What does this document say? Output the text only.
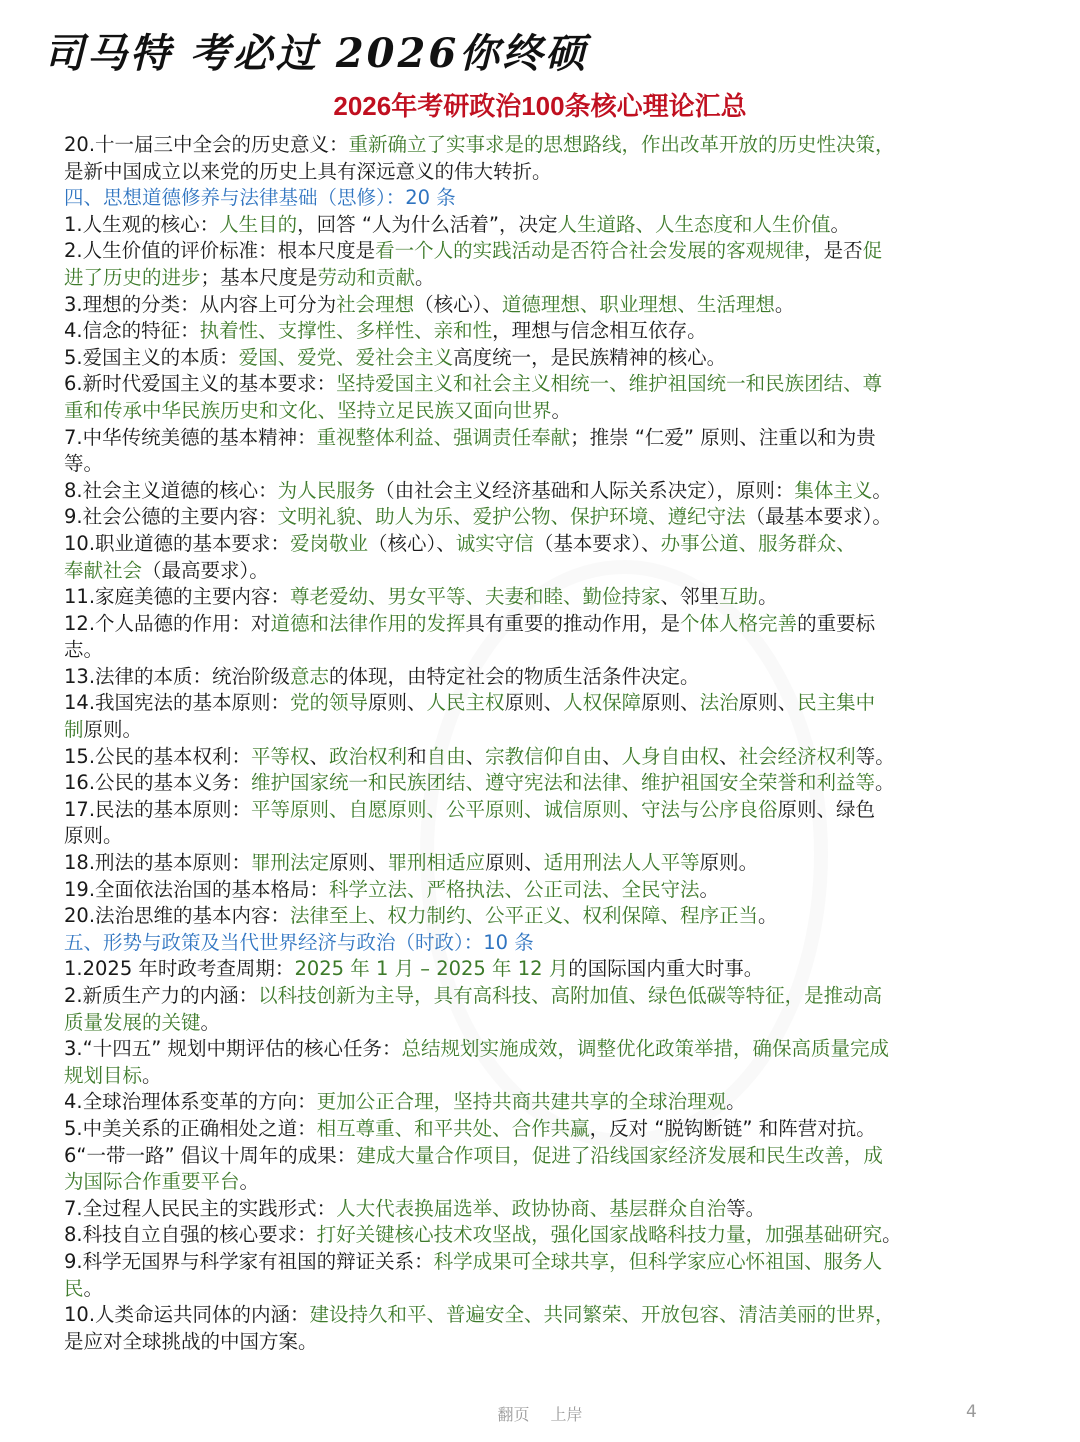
司马特 考必过 2026你终硕
2026年考研政治100条核心理论汇总
20.十一届三中全会的历史意义：重新确立了实事求是的思想路线，作出改革开放的历史性决策，
是新中国成立以来党的历史上具有深远意义的伟大转折。
四、思想道德修养与法律基础（思修）：20 条
1.人生观的核心：人生目的，回答 “人为什么活着”，决定人生道路、人生态度和人生价值。
2.人生价值的评价标准：根本尺度是看一个人的实践活动是否符合社会发展的客观规律，是否促
进了历史的进步；基本尺度是劳动和贡献。
3.理想的分类：从内容上可分为社会理想（核心）、道德理想、职业理想、生活理想。
4.信念的特征：执着性、支撑性、多样性、亲和性，理想与信念相互依存。
5.爱国主义的本质：爱国、爱党、爱社会主义高度统一，是民族精神的核心。
6.新时代爱国主义的基本要求：坚持爱国主义和社会主义相统一、维护祖国统一和民族团结、尊
重和传承中华民族历史和文化、坚持立足民族又面向世界。
7.中华传统美德的基本精神：重视整体利益、强调责任奉献；推崇 “仁爱” 原则、注重以和为贵
等。
8.社会主义道德的核心：为人民服务（由社会主义经济基础和人际关系决定），原则：集体主义。
9.社会公德的主要内容：文明礼貌、助人为乐、爱护公物、保护环境、遵纪守法（最基本要求）。
10.职业道德的基本要求：爱岗敬业（核心）、诚实守信（基本要求）、办事公道、服务群众、
奉献社会（最高要求）。
11.家庭美德的主要内容：尊老爱幼、男女平等、夫妻和睦、勤俭持家、邻里互助。
12.个人品德的作用：对道德和法律作用的发挥具有重要的推动作用，是个体人格完善的重要标
志。
13.法律的本质：统治阶级意志的体现，由特定社会的物质生活条件决定。
14.我国宪法的基本原则：党的领导原则、人民主权原则、人权保障原则、法治原则、民主集中
制原则。
15.公民的基本权利：平等权、政治权利和自由、宗教信仰自由、人身自由权、社会经济权利等。
16.公民的基本义务：维护国家统一和民族团结、遵守宪法和法律、维护祖国安全荣誉和利益等。
17.民法的基本原则：平等原则、自愿原则、公平原则、诚信原则、守法与公序良俗原则、绿色
原则。
18.刑法的基本原则：罪刑法定原则、罪刑相适应原则、适用刑法人人平等原则。
19.全面依法治国的基本格局：科学立法、严格执法、公正司法、全民守法。
20.法治思维的基本内容：法律至上、权力制约、公平正义、权利保障、程序正当。
五、形势与政策及当代世界经济与政治（时政）：10 条
1.2025 年时政考查周期：2025 年 1 月 – 2025 年 12 月的国际国内重大时事。
2.新质生产力的内涵：以科技创新为主导，具有高科技、高附加值、绿色低碳等特征，是推动高
质量发展的关键。
3.“十四五” 规划中期评估的核心任务：总结规划实施成效，调整优化政策举措，确保高质量完成
规划目标。
4.全球治理体系变革的方向：更加公正合理，坚持共商共建共享的全球治理观。
5.中美关系的正确相处之道：相互尊重、和平共处、合作共赢，反对 “脱钩断链” 和阵营对抗。
6“一带一路” 倡议十周年的成果：建成大量合作项目，促进了沿线国家经济发展和民生改善，成
为国际合作重要平台。
7.全过程人民民主的实践形式：人大代表换届选举、政协协商、基层群众自治等。
8.科技自立自强的核心要求：打好关键核心技术攻坚战，强化国家战略科技力量，加强基础研究。
9.科学无国界与科学家有祖国的辩证关系：科学成果可全球共享，但科学家应心怀祖国、服务人
民。
10.人类命运共同体的内涵：建设持久和平、普遍安全、共同繁荣、开放包容、清洁美丽的世界，
是应对全球挑战的中国方案。
翻页 上岸	4
